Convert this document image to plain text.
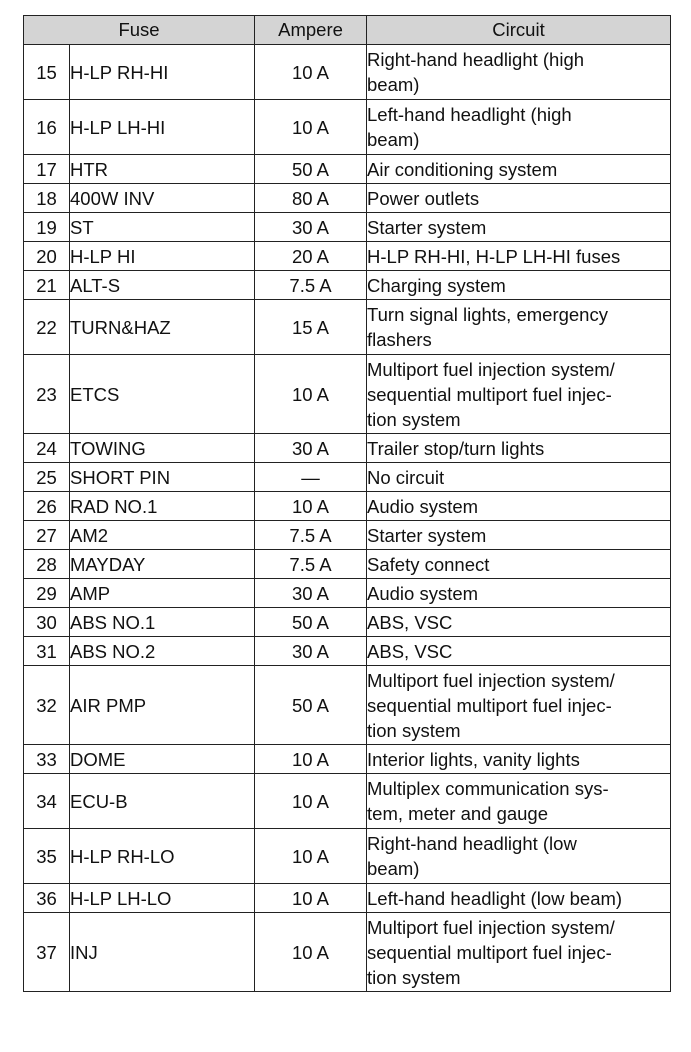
Fuse		Ampere	Circuit
15	H-LP RH-HI	10 A	Right-hand headlight (high
beam)
16	H-LP LH-HI	10 A	Left-hand headlight (high
beam)
17	HTR	50 A	Air conditioning system
18	400W INV	80 A	Power outlets
19	ST	30 A	Starter system
20	H-LP HI	20 A	H-LP RH-HI, H-LP LH-HI fuses
21	ALT-S	7.5 A	Charging system
22	TURN&HAZ	15 A	Turn signal lights, emergency
flashers
23	ETCS	10 A	Multiport fuel injection system/
sequential multiport fuel injec-
tion system
24	TOWING	30 A	Trailer stop/turn lights
25	SHORT PIN	—	No circuit
26	RAD NO.1	10 A	Audio system
27	AM2	7.5 A	Starter system
28	MAYDAY	7.5 A	Safety connect
29	AMP	30 A	Audio system
30	ABS NO.1	50 A	ABS, VSC
31	ABS NO.2	30 A	ABS, VSC
32	AIR PMP	50 A	Multiport fuel injection system/
sequential multiport fuel injec-
tion system
33	DOME	10 A	Interior lights, vanity lights
34	ECU-B	10 A	Multiplex communication sys-
tem, meter and gauge
35	H-LP RH-LO	10 A	Right-hand headlight (low
beam)
36	H-LP LH-LO	10 A	Left-hand headlight (low beam)
37	INJ	10 A	Multiport fuel injection system/
sequential multiport fuel injec-
tion system
